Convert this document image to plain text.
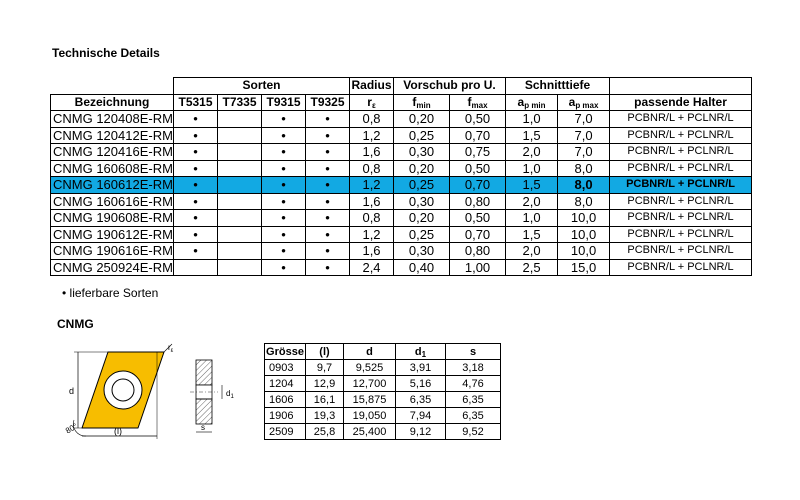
Technische Details
	Sorten				Radius	Vorschub pro U.		Schnitttiefe		
Bezeichnung	T5315	T7335	T9315	T9325	$r_\varepsilon$	$f_{min}$	$f_{max}$	$a_{p min}$	$a_{p max}$	passende Halter
CNMG 120408E-RM	•		•	•	0,8	0,20	0,50	1,0	7,0	PCBNR/L + PCLNR/L
CNMG 120412E-RM	•		•	•	1,2	0,25	0,70	1,5	7,0	PCBNR/L + PCLNR/L
CNMG 120416E-RM	•		•	•	1,6	0,30	0,75	2,0	7,0	PCBNR/L + PCLNR/L
CNMG 160608E-RM	•		•	•	0,8	0,20	0,50	1,0	8,0	PCBNR/L + PCLNR/L
CNMG 160612E-RM	•		•	•	1,2	0,25	0,70	1,5	8,0	PCBNR/L + PCLNR/L
CNMG 160616E-RM	•		•	•	1,6	0,30	0,80	2,0	8,0	PCBNR/L + PCLNR/L
CNMG 190608E-RM	•		•	•	0,8	0,20	0,50	1,0	10,0	PCBNR/L + PCLNR/L
CNMG 190612E-RM	•		•	•	1,2	0,25	0,70	1,5	10,0	PCBNR/L + PCLNR/L
CNMG 190616E-RM	•		•	•	1,6	0,30	0,80	2,0	10,0	PCBNR/L + PCLNR/L
CNMG 250924E-RM			•	•	2,4	0,40	1,00	2,5	15,0	PCBNR/L + PCLNR/L
• lieferbare Sorten
CNMG
d
(l)
80°
$r_\varepsilon$
$d_1$
s
Grösse	(l)	d	$d_1$	s
0903	9,7	9,525	3,91	3,18
1204	12,9	12,700	5,16	4,76
1606	16,1	15,875	6,35	6,35
1906	19,3	19,050	7,94	6,35
2509	25,8	25,400	9,12	9,52
